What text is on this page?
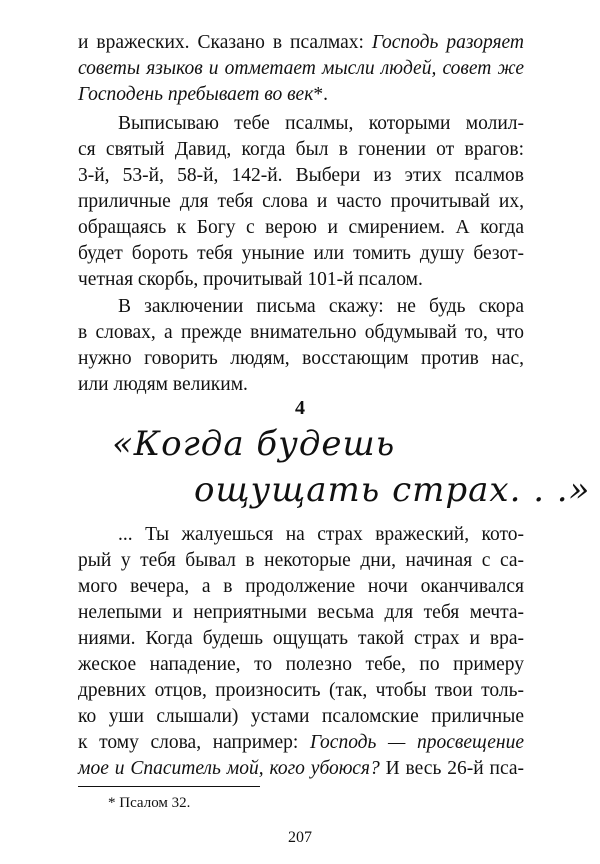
и вражеских. Сказано в псалмах: Господь разоряет
советы языков и отметает мысли людей, совет же
Господень пребывает во век*.
Выписываю тебе псалмы, которыми молил-
ся святый Давид, когда был в гонении от врагов:
3-й, 53-й, 58-й, 142-й. Выбери из этих псалмов
приличные для тебя слова и часто прочитывай их,
обращаясь к Богу с верою и смирением. А когда
будет бороть тебя уныние или томить душу безот-
четная скорбь, прочитывай 101-й псалом.
В заключении письма скажу: не будь скора
в словах, а прежде внимательно обдумывай то, что
нужно говорить людям, восстающим против нас,
или людям великим.
4
«Когда будешь
ощущать страх. . .»
... Ты жалуешься на страх вражеский, кото-
рый у тебя бывал в некоторые дни, начиная с са-
мого вечера, а в продолжение ночи оканчивался
нелепыми и неприятными весьма для тебя мечта-
ниями. Когда будешь ощущать такой страх и вра-
жеское нападение, то полезно тебе, по примеру
древних отцов, произносить (так, чтобы твои толь-
ко уши слышали) устами псаломские приличные
к тому слова, например: Господь — просвещение
мое и Спаситель мой, кого убоюся? И весь 26-й пса-
* Псалом 32.
207
